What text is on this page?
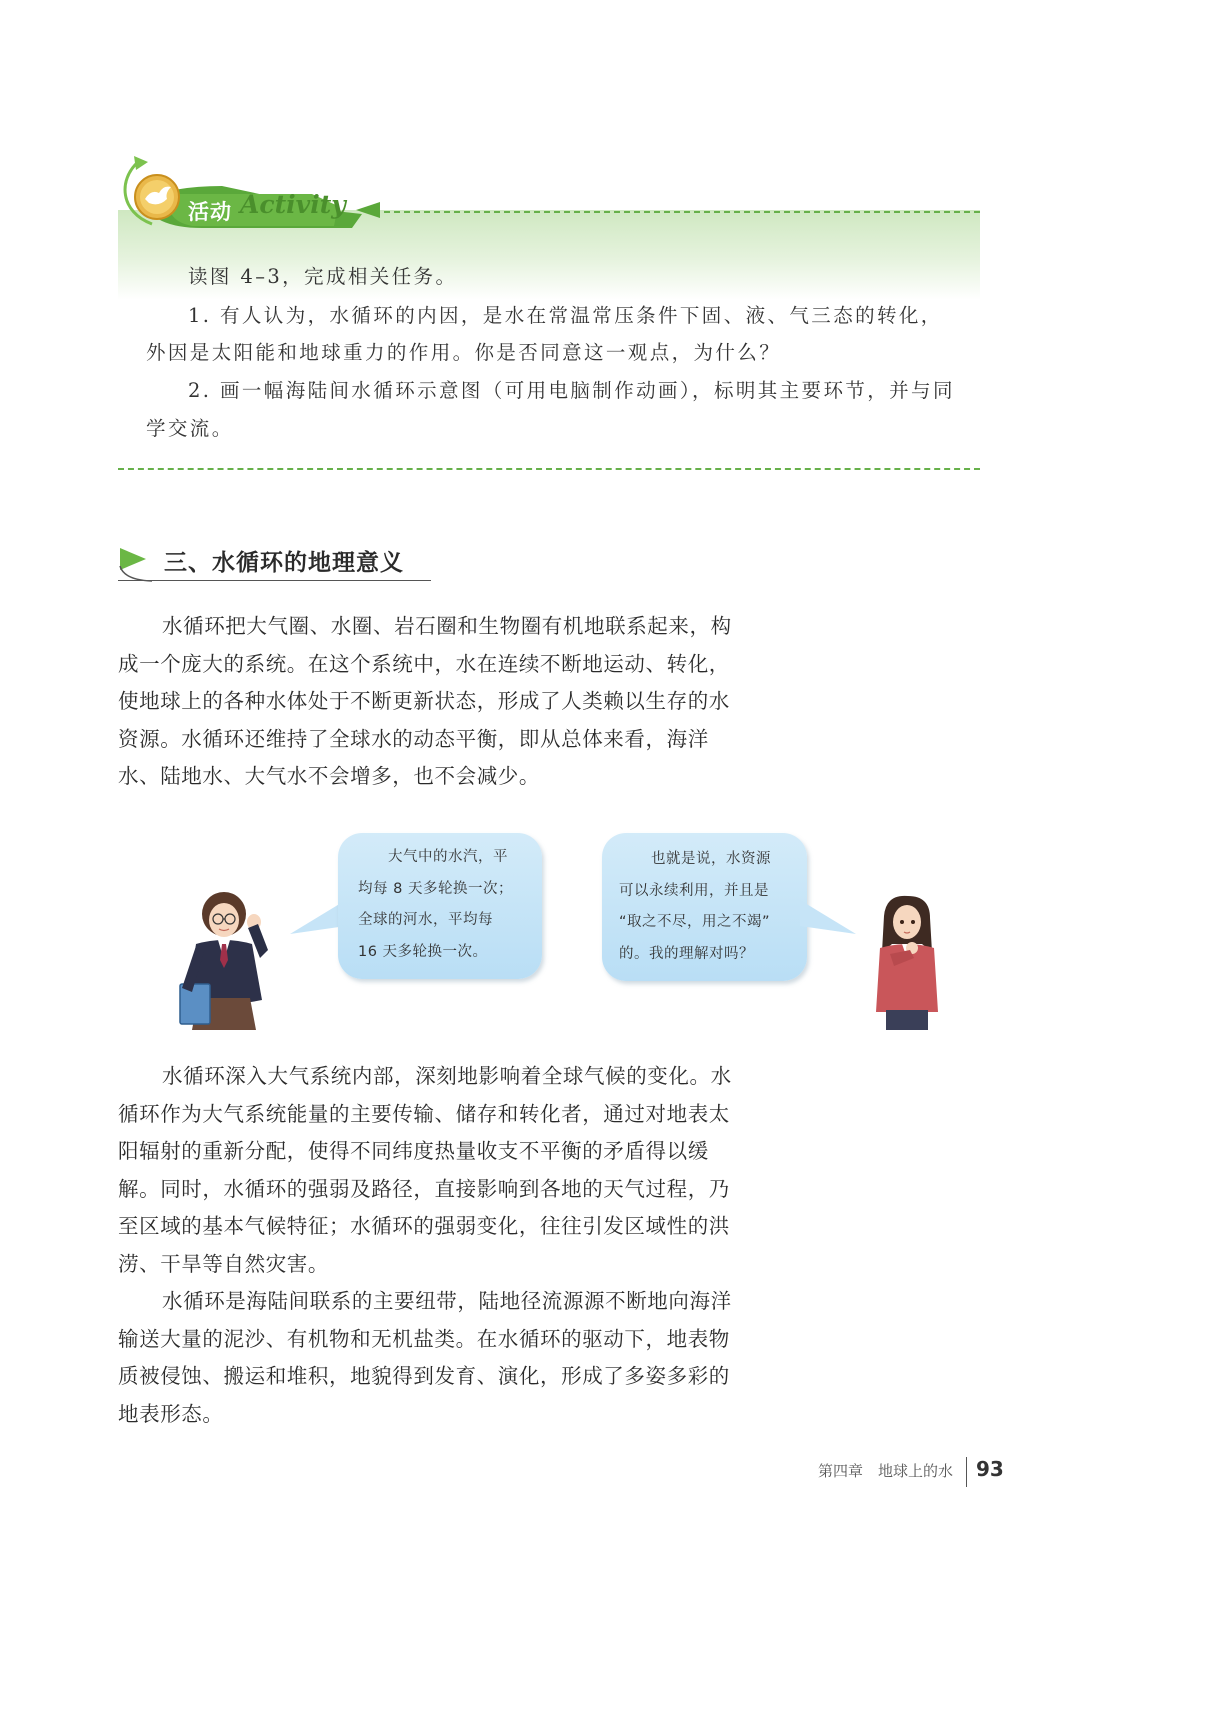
活动 Activity
读图 4–3，完成相关任务。
1. 有人认为，水循环的内因，是水在常温常压条件下固、液、气三态的转化，
外因是太阳能和地球重力的作用。你是否同意这一观点，为什么？
2. 画一幅海陆间水循环示意图（可用电脑制作动画），标明其主要环节，并与同
学交流。
三、水循环的地理意义
水循环把大气圈、水圈、岩石圈和生物圈有机地联系起来，构
成一个庞大的系统。在这个系统中，水在连续不断地运动、转化，
使地球上的各种水体处于不断更新状态，形成了人类赖以生存的水
资源。水循环还维持了全球水的动态平衡，即从总体来看，海洋
水、陆地水、大气水不会增多，也不会减少。
大气中的水汽，平
均每 8 天多轮换一次；
全球的河水，平均每
16 天多轮换一次。
也就是说，水资源
可以永续利用，并且是
“取之不尽，用之不竭”
的。我的理解对吗？
水循环深入大气系统内部，深刻地影响着全球气候的变化。水
循环作为大气系统能量的主要传输、储存和转化者，通过对地表太
阳辐射的重新分配，使得不同纬度热量收支不平衡的矛盾得以缓
解。同时，水循环的强弱及路径，直接影响到各地的天气过程，乃
至区域的基本气候特征；水循环的强弱变化，往往引发区域性的洪
涝、干旱等自然灾害。
水循环是海陆间联系的主要纽带，陆地径流源源不断地向海洋
输送大量的泥沙、有机物和无机盐类。在水循环的驱动下，地表物
质被侵蚀、搬运和堆积，地貌得到发育、演化，形成了多姿多彩的
地表形态。
第四章　地球上的水 93
